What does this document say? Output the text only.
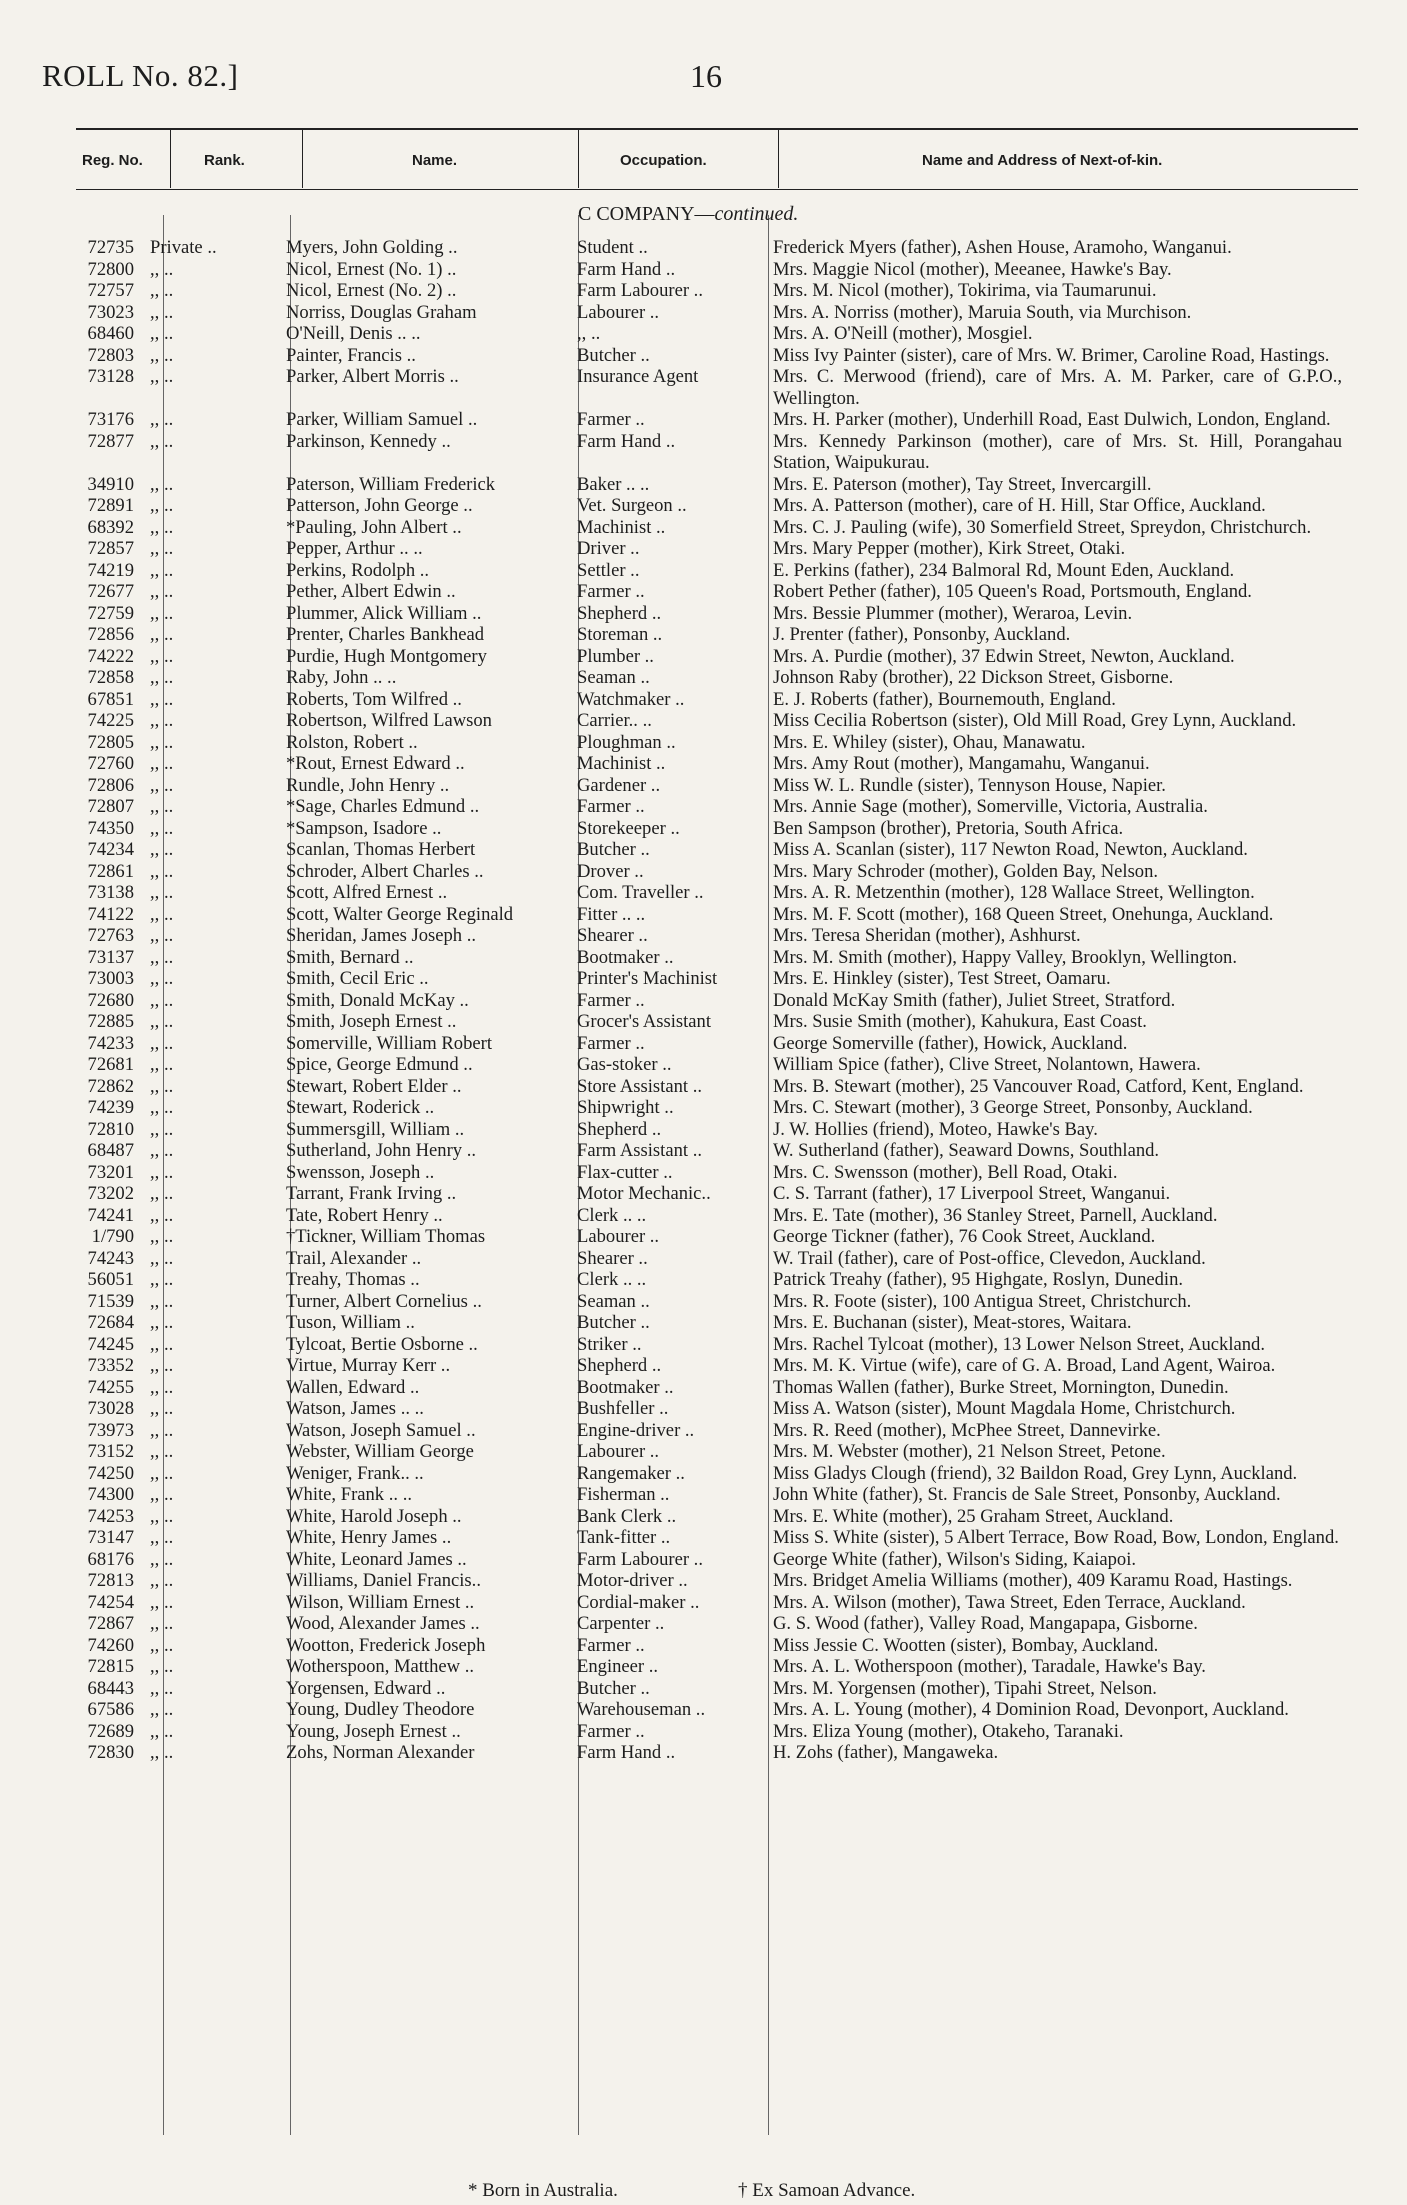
ROLL No. 82.]	16
Reg. No.	Rank.	Name.	Occupation.	Name and Address of Next-of-kin.
C COMPANY—continued.
72735	Private ..	Myers, John Golding ..	Student ..	Frederick Myers (father), Ashen House, Aramoho, Wanganui.
72800	,, ..	Nicol, Ernest (No. 1) ..	Farm Hand ..	Mrs. Maggie Nicol (mother), Meeanee, Hawke's Bay.
72757	,, ..	Nicol, Ernest (No. 2) ..	Farm Labourer ..	Mrs. M. Nicol (mother), Tokirima, via Taumarunui.
73023	,, ..	Norriss, Douglas Graham	Labourer ..	Mrs. A. Norriss (mother), Maruia South, via Murchison.
68460	,, ..	O'Neill, Denis .. ..	,, ..	Mrs. A. O'Neill (mother), Mosgiel.
72803	,, ..	Painter, Francis ..	Butcher ..	Miss Ivy Painter (sister), care of Mrs. W. Brimer, Caroline Road, Hastings.
73128	,, ..	Parker, Albert Morris ..	Insurance Agent	Mrs. C. Merwood (friend), care of Mrs. A. M. Parker, care of G.P.O., Wellington.
73176	,, ..	Parker, William Samuel ..	Farmer ..	Mrs. H. Parker (mother), Underhill Road, East Dulwich, London, England.
72877	,, ..	Parkinson, Kennedy ..	Farm Hand ..	Mrs. Kennedy Parkinson (mother), care of Mrs. St. Hill, Porangahau Station, Waipukurau.
34910	,, ..	Paterson, William Frederick	Baker .. ..	Mrs. E. Paterson (mother), Tay Street, Invercargill.
72891	,, ..	Patterson, John George ..	Vet. Surgeon ..	Mrs. A. Patterson (mother), care of H. Hill, Star Office, Auckland.
68392	,, ..	*Pauling, John Albert ..	Machinist ..	Mrs. C. J. Pauling (wife), 30 Somerfield Street, Spreydon, Christchurch.
72857	,, ..	Pepper, Arthur .. ..	Driver ..	Mrs. Mary Pepper (mother), Kirk Street, Otaki.
74219	,, ..	Perkins, Rodolph ..	Settler ..	E. Perkins (father), 234 Balmoral Rd, Mount Eden, Auckland.
72677	,, ..	Pether, Albert Edwin ..	Farmer ..	Robert Pether (father), 105 Queen's Road, Portsmouth, England.
72759	,, ..	Plummer, Alick William ..	Shepherd ..	Mrs. Bessie Plummer (mother), Weraroa, Levin.
72856	,, ..	Prenter, Charles Bankhead	Storeman ..	J. Prenter (father), Ponsonby, Auckland.
74222	,, ..	Purdie, Hugh Montgomery	Plumber ..	Mrs. A. Purdie (mother), 37 Edwin Street, Newton, Auckland.
72858	,, ..	Raby, John .. ..	Seaman ..	Johnson Raby (brother), 22 Dickson Street, Gisborne.
67851	,, ..	Roberts, Tom Wilfred ..	Watchmaker ..	E. J. Roberts (father), Bournemouth, England.
74225	,, ..	Robertson, Wilfred Lawson	Carrier.. ..	Miss Cecilia Robertson (sister), Old Mill Road, Grey Lynn, Auckland.
72805	,, ..	Rolston, Robert ..	Ploughman ..	Mrs. E. Whiley (sister), Ohau, Manawatu.
72760	,, ..	*Rout, Ernest Edward ..	Machinist ..	Mrs. Amy Rout (mother), Mangamahu, Wanganui.
72806	,, ..	Rundle, John Henry ..	Gardener ..	Miss W. L. Rundle (sister), Tennyson House, Napier.
72807	,, ..	*Sage, Charles Edmund ..	Farmer ..	Mrs. Annie Sage (mother), Somerville, Victoria, Australia.
74350	,, ..	*Sampson, Isadore ..	Storekeeper ..	Ben Sampson (brother), Pretoria, South Africa.
74234	,, ..	Scanlan, Thomas Herbert	Butcher ..	Miss A. Scanlan (sister), 117 Newton Road, Newton, Auckland.
72861	,, ..	Schroder, Albert Charles ..	Drover ..	Mrs. Mary Schroder (mother), Golden Bay, Nelson.
73138	,, ..	Scott, Alfred Ernest ..	Com. Traveller ..	Mrs. A. R. Metzenthin (mother), 128 Wallace Street, Wellington.
74122	,, ..	Scott, Walter George Reginald	Fitter .. ..	Mrs. M. F. Scott (mother), 168 Queen Street, Onehunga, Auckland.
72763	,, ..	Sheridan, James Joseph ..	Shearer ..	Mrs. Teresa Sheridan (mother), Ashhurst.
73137	,, ..	Smith, Bernard ..	Bootmaker ..	Mrs. M. Smith (mother), Happy Valley, Brooklyn, Wellington.
73003	,, ..	Smith, Cecil Eric ..	Printer's Machinist	Mrs. E. Hinkley (sister), Test Street, Oamaru.
72680	,, ..	Smith, Donald McKay ..	Farmer ..	Donald McKay Smith (father), Juliet Street, Stratford.
72885	,, ..	Smith, Joseph Ernest ..	Grocer's Assistant	Mrs. Susie Smith (mother), Kahukura, East Coast.
74233	,, ..	Somerville, William Robert	Farmer ..	George Somerville (father), Howick, Auckland.
72681	,, ..	Spice, George Edmund ..	Gas-stoker ..	William Spice (father), Clive Street, Nolantown, Hawera.
72862	,, ..	Stewart, Robert Elder ..	Store Assistant ..	Mrs. B. Stewart (mother), 25 Vancouver Road, Catford, Kent, England.
74239	,, ..	Stewart, Roderick ..	Shipwright ..	Mrs. C. Stewart (mother), 3 George Street, Ponsonby, Auckland.
72810	,, ..	Summersgill, William ..	Shepherd ..	J. W. Hollies (friend), Moteo, Hawke's Bay.
68487	,, ..	Sutherland, John Henry ..	Farm Assistant ..	W. Sutherland (father), Seaward Downs, Southland.
73201	,, ..	Swensson, Joseph ..	Flax-cutter ..	Mrs. C. Swensson (mother), Bell Road, Otaki.
73202	,, ..	Tarrant, Frank Irving ..	Motor Mechanic..	C. S. Tarrant (father), 17 Liverpool Street, Wanganui.
74241	,, ..	Tate, Robert Henry ..	Clerk .. ..	Mrs. E. Tate (mother), 36 Stanley Street, Parnell, Auckland.
1/790	,, ..	†Tickner, William Thomas	Labourer ..	George Tickner (father), 76 Cook Street, Auckland.
74243	,, ..	Trail, Alexander ..	Shearer ..	W. Trail (father), care of Post-office, Clevedon, Auckland.
56051	,, ..	Treahy, Thomas ..	Clerk .. ..	Patrick Treahy (father), 95 Highgate, Roslyn, Dunedin.
71539	,, ..	Turner, Albert Cornelius ..	Seaman ..	Mrs. R. Foote (sister), 100 Antigua Street, Christchurch.
72684	,, ..	Tuson, William ..	Butcher ..	Mrs. E. Buchanan (sister), Meat-stores, Waitara.
74245	,, ..	Tylcoat, Bertie Osborne ..	Striker ..	Mrs. Rachel Tylcoat (mother), 13 Lower Nelson Street, Auckland.
73352	,, ..	Virtue, Murray Kerr ..	Shepherd ..	Mrs. M. K. Virtue (wife), care of G. A. Broad, Land Agent, Wairoa.
74255	,, ..	Wallen, Edward ..	Bootmaker ..	Thomas Wallen (father), Burke Street, Mornington, Dunedin.
73028	,, ..	Watson, James .. ..	Bushfeller ..	Miss A. Watson (sister), Mount Magdala Home, Christchurch.
73973	,, ..	Watson, Joseph Samuel ..	Engine-driver ..	Mrs. R. Reed (mother), McPhee Street, Dannevirke.
73152	,, ..	Webster, William George	Labourer ..	Mrs. M. Webster (mother), 21 Nelson Street, Petone.
74250	,, ..	Weniger, Frank.. ..	Rangemaker ..	Miss Gladys Clough (friend), 32 Baildon Road, Grey Lynn, Auckland.
74300	,, ..	White, Frank .. ..	Fisherman ..	John White (father), St. Francis de Sale Street, Ponsonby, Auckland.
74253	,, ..	White, Harold Joseph ..	Bank Clerk ..	Mrs. E. White (mother), 25 Graham Street, Auckland.
73147	,, ..	White, Henry James ..	Tank-fitter ..	Miss S. White (sister), 5 Albert Terrace, Bow Road, Bow, London, England.
68176	,, ..	White, Leonard James ..	Farm Labourer ..	George White (father), Wilson's Siding, Kaiapoi.
72813	,, ..	Williams, Daniel Francis..	Motor-driver ..	Mrs. Bridget Amelia Williams (mother), 409 Karamu Road, Hastings.
74254	,, ..	Wilson, William Ernest ..	Cordial-maker ..	Mrs. A. Wilson (mother), Tawa Street, Eden Terrace, Auckland.
72867	,, ..	Wood, Alexander James ..	Carpenter ..	G. S. Wood (father), Valley Road, Mangapapa, Gisborne.
74260	,, ..	Wootton, Frederick Joseph	Farmer ..	Miss Jessie C. Wootten (sister), Bombay, Auckland.
72815	,, ..	Wotherspoon, Matthew ..	Engineer ..	Mrs. A. L. Wotherspoon (mother), Taradale, Hawke's Bay.
68443	,, ..	Yorgensen, Edward ..	Butcher ..	Mrs. M. Yorgensen (mother), Tipahi Street, Nelson.
67586	,, ..	Young, Dudley Theodore	Warehouseman ..	Mrs. A. L. Young (mother), 4 Dominion Road, Devonport, Auckland.
72689	,, ..	Young, Joseph Ernest ..	Farmer ..	Mrs. Eliza Young (mother), Otakeho, Taranaki.
72830	,, ..	Zohs, Norman Alexander	Farm Hand ..	H. Zohs (father), Mangaweka.
* Born in Australia.	† Ex Samoan Advance.
